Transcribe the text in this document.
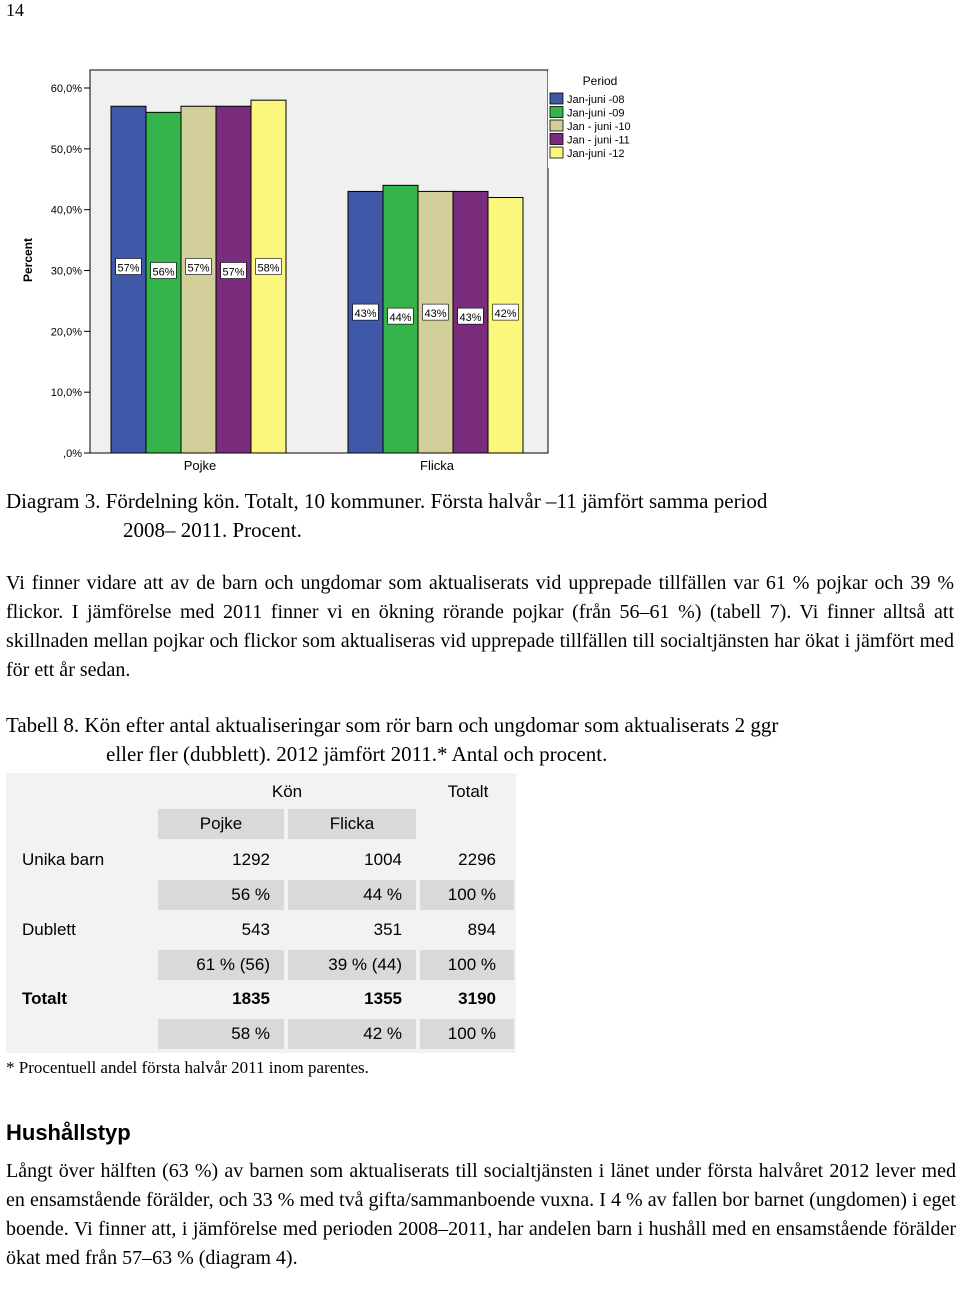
14
60,0%
50,0%
40,0%
30,0%
20,0%
10,0%
,0%
Percent	57% 56% 57% 57% 58%
43% 44% 43% 43% 42%
Pojke	Flicka
Period
Jan-juni -08
Jan-juni -09
Jan - juni -10
Jan - juni -11
Jan-juni -12
Diagram 3. Fördelning kön. Totalt, 10 kommuner. Första halvår –11 jämfört samma period
2008– 2011. Procent.
Vi finner vidare att av de barn och ungdomar som aktualiserats vid upprepade tillfällen var 61 % pojkar och 39 % flickor. I jämförelse med 2011 finner vi en ökning rörande pojkar (från 56–61 %) (tabell 7). Vi finner alltså att skillnaden mellan pojkar och flickor som aktualiseras vid upprepade tillfällen till socialtjänsten har ökat i jämfört med för ett år sedan.
Tabell 8. Kön efter antal aktualiseringar som rör barn och ungdomar som aktualiserats 2 ggr
eller fler (dubblett). 2012 jämfört 2011.* Antal och procent.
Kön	Totalt
Pojke	Flicka
Unika barn	1292	1004	2296
56 %	44 %	100 %
Dublett	543	351	894
61 % (56)	39 % (44)	100 %
Totalt	1835	1355	3190
58 %	42 %	100 %
* Procentuell andel första halvår 2011 inom parentes.
Hushållstyp
Långt över hälften (63 %) av barnen som aktualiserats till socialtjänsten i länet under första halvåret 2012 lever med en ensamstående förälder, och 33 % med två gifta/sammanboende vuxna. I 4 % av fallen bor barnet (ungdomen) i eget boende. Vi finner att, i jämförelse med perioden 2008–2011, har andelen barn i hushåll med en ensamstående förälder ökat med från 57–63 % (diagram 4).
